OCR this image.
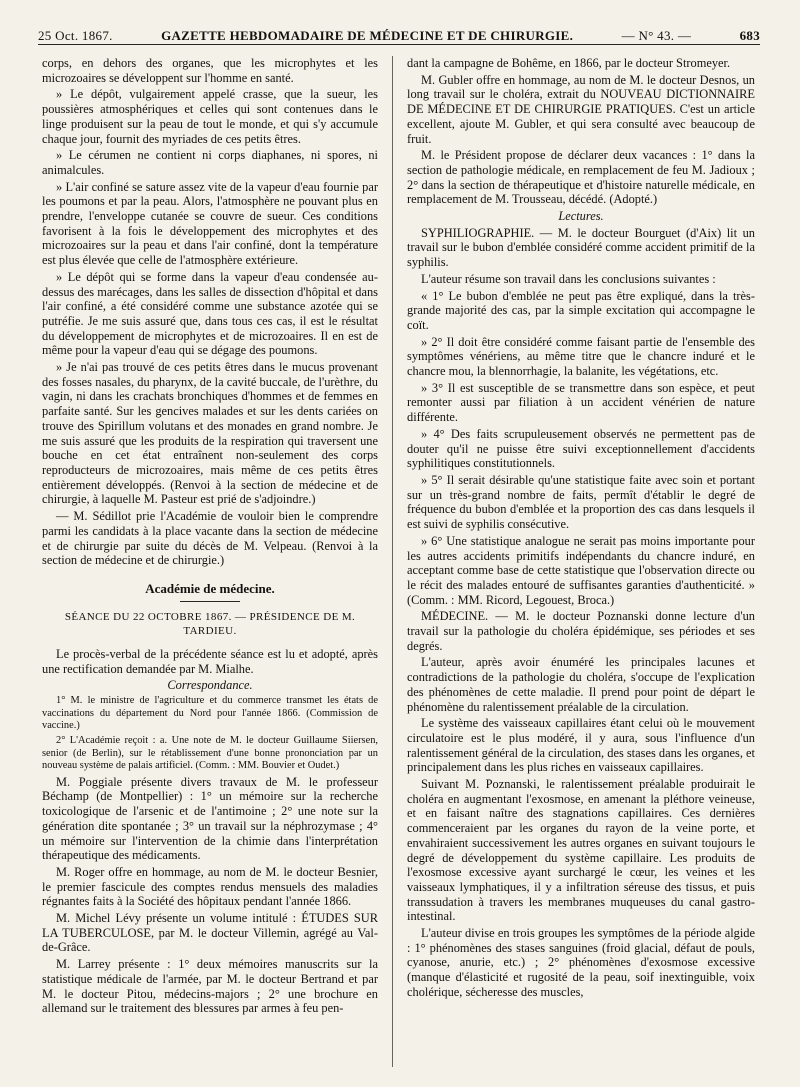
25 Oct. 1867.	GAZETTE HEBDOMADAIRE DE MÉDECINE ET DE CHIRURGIE.	— N° 43. —	683

corps, en dehors des organes, que les microphytes et les microzoaires se développent sur l'homme en santé.

» Le dépôt, vulgairement appelé crasse, que la sueur, les poussières atmosphériques et celles qui sont contenues dans le linge produisent sur la peau de tout le monde, et qui s'y accumule chaque jour, fournit des myriades de ces petits êtres.

» Le cérumen ne contient ni corps diaphanes, ni spores, ni animalcules.

» L'air confiné se sature assez vite de la vapeur d'eau fournie par les poumons et par la peau. Alors, l'atmosphère ne pouvant plus en prendre, l'enveloppe cutanée se couvre de sueur. Ces conditions favorisent à la fois le développement des microphytes et des microzoaires sur la peau et dans l'air confiné, dont la température est plus élevée que celle de l'atmosphère extérieure.

» Le dépôt qui se forme dans la vapeur d'eau condensée au-dessus des marécages, dans les salles de dissection d'hôpital et dans l'air confiné, a été considéré comme une substance azotée qui se putréfie. Je me suis assuré que, dans tous ces cas, il est le résultat du développement de microphytes et de microzoaires. Il en est de même pour la vapeur d'eau qui se dégage des poumons.

» Je n'ai pas trouvé de ces petits êtres dans le mucus provenant des fosses nasales, du pharynx, de la cavité buccale, de l'urèthre, du vagin, ni dans les crachats bronchiques d'hommes et de femmes en parfaite santé. Sur les gencives malades et sur les dents cariées on trouve des Spirillum volutans et des monades en grand nombre. Je me suis assuré que les produits de la respiration qui traversent une bouche en cet état entraînent non-seulement des corps reproducteurs de microzoaires, mais même de ces petits êtres entièrement développés. (Renvoi à la section de médecine et de chirurgie, à laquelle M. Pasteur est prié de s'adjoindre.)

— M. Sédillot prie l'Académie de vouloir bien le comprendre parmi les candidats à la place vacante dans la section de médecine et de chirurgie par suite du décès de M. Velpeau. (Renvoi à la section de médecine et de chirurgie.)

Académie de médecine.
SÉANCE DU 22 OCTOBRE 1867. — PRÉSIDENCE DE M. TARDIEU.

Le procès-verbal de la précédente séance est lu et adopté, après une rectification demandée par M. Mialhe.

Correspondance.

1° M. le ministre de l'agriculture et du commerce transmet les états de vaccinations du département du Nord pour l'année 1866. (Commission de vaccine.)

2° L'Académie reçoit : a. Une note de M. le docteur Guillaume Siiersen, senior (de Berlin), sur le rétablissement d'une bonne prononciation par un nouveau système de palais artificiel. (Comm. : MM. Bouvier et Oudet.)

M. Poggiale présente divers travaux de M. le professeur Béchamp (de Montpellier) : 1° un mémoire sur la recherche toxicologique de l'arsenic et de l'antimoine ; 2° une note sur la génération dite spontanée ; 3° un travail sur la néphrozymase ; 4° un mémoire sur l'intervention de la chimie dans l'interprétation thérapeutique des médicaments.

M. Roger offre en hommage, au nom de M. le docteur Besnier, le premier fascicule des comptes rendus mensuels des maladies régnantes faits à la Société des hôpitaux pendant l'année 1866.

M. Michel Lévy présente un volume intitulé : ÉTUDES SUR LA TUBERCULOSE, par M. le docteur Villemin, agrégé au Val-de-Grâce.

M. Larrey présente : 1° deux mémoires manuscrits sur la statistique médicale de l'armée, par M. le docteur Bertrand et par M. le docteur Pitou, médecins-majors ; 2° une brochure en allemand sur le traitement des blessures par armes à feu pen-

dant la campagne de Bohême, en 1866, par le docteur Stromeyer.

M. Gubler offre en hommage, au nom de M. le docteur Desnos, un long travail sur le choléra, extrait du NOUVEAU DICTIONNAIRE DE MÉDECINE ET DE CHIRURGIE PRATIQUES. C'est un article excellent, ajoute M. Gubler, et qui sera consulté avec beaucoup de fruit.

M. le Président propose de déclarer deux vacances : 1° dans la section de pathologie médicale, en remplacement de feu M. Jadioux ; 2° dans la section de thérapeutique et d'histoire naturelle médicale, en remplacement de M. Trousseau, décédé. (Adopté.)

Lectures.

SYPHILIOGRAPHIE. — M. le docteur Bourguet (d'Aix) lit un travail sur le bubon d'emblée considéré comme accident primitif de la syphilis.

L'auteur résume son travail dans les conclusions suivantes :

« 1° Le bubon d'emblée ne peut pas être expliqué, dans la très-grande majorité des cas, par la simple excitation qui accompagne le coït.

» 2° Il doit être considéré comme faisant partie de l'ensemble des symptômes vénériens, au même titre que le chancre induré et le chancre mou, la blennorrhagie, la balanite, les végétations, etc.

» 3° Il est susceptible de se transmettre dans son espèce, et peut remonter aussi par filiation à un accident vénérien de nature différente.

» 4° Des faits scrupuleusement observés ne permettent pas de douter qu'il ne puisse être suivi exceptionnellement d'accidents syphilitiques constitutionnels.

» 5° Il serait désirable qu'une statistique faite avec soin et portant sur un très-grand nombre de faits, permît d'établir le degré de fréquence du bubon d'emblée et la proportion des cas dans lesquels il est suivi de syphilis consécutive.

» 6° Une statistique analogue ne serait pas moins importante pour les autres accidents primitifs indépendants du chancre induré, en acceptant comme base de cette statistique que l'observation directe ou le récit des malades entouré de suffisantes garanties d'authenticité. » (Comm. : MM. Ricord, Legouest, Broca.)

MÉDECINE. — M. le docteur Poznanski donne lecture d'un travail sur la pathologie du choléra épidémique, ses périodes et ses degrés.

L'auteur, après avoir énuméré les principales lacunes et contradictions de la pathologie du choléra, s'occupe de l'explication des phénomènes de cette maladie. Il prend pour point de départ le phénomène du ralentissement préalable de la circulation.

Le système des vaisseaux capillaires étant celui où le mouvement circulatoire est le plus modéré, il y aura, sous l'influence d'un ralentissement général de la circulation, des stases dans les organes, et principalement dans les plus riches en vaisseaux capillaires.

Suivant M. Poznanski, le ralentissement préalable produirait le choléra en augmentant l'exosmose, en amenant la pléthore veineuse, et en faisant naître des stagnations capillaires. Ces dernières commenceraient par les organes du rayon de la veine porte, et envahiraient successivement les autres organes en suivant toujours le degré de développement du système capillaire. Les produits de l'exosmose excessive ayant surchargé le cœur, les veines et les vaisseaux lymphatiques, il y a infiltration séreuse des tissus, et puis transsudation à travers les membranes muqueuses du canal gastro-intestinal.

L'auteur divise en trois groupes les symptômes de la période algide : 1° phénomènes des stases sanguines (froid glacial, défaut de pouls, cyanose, anurie, etc.) ; 2° phénomènes d'exosmose excessive (manque d'élasticité et rugosité de la peau, soif inextinguible, voix cholérique, sécheresse des muscles,
